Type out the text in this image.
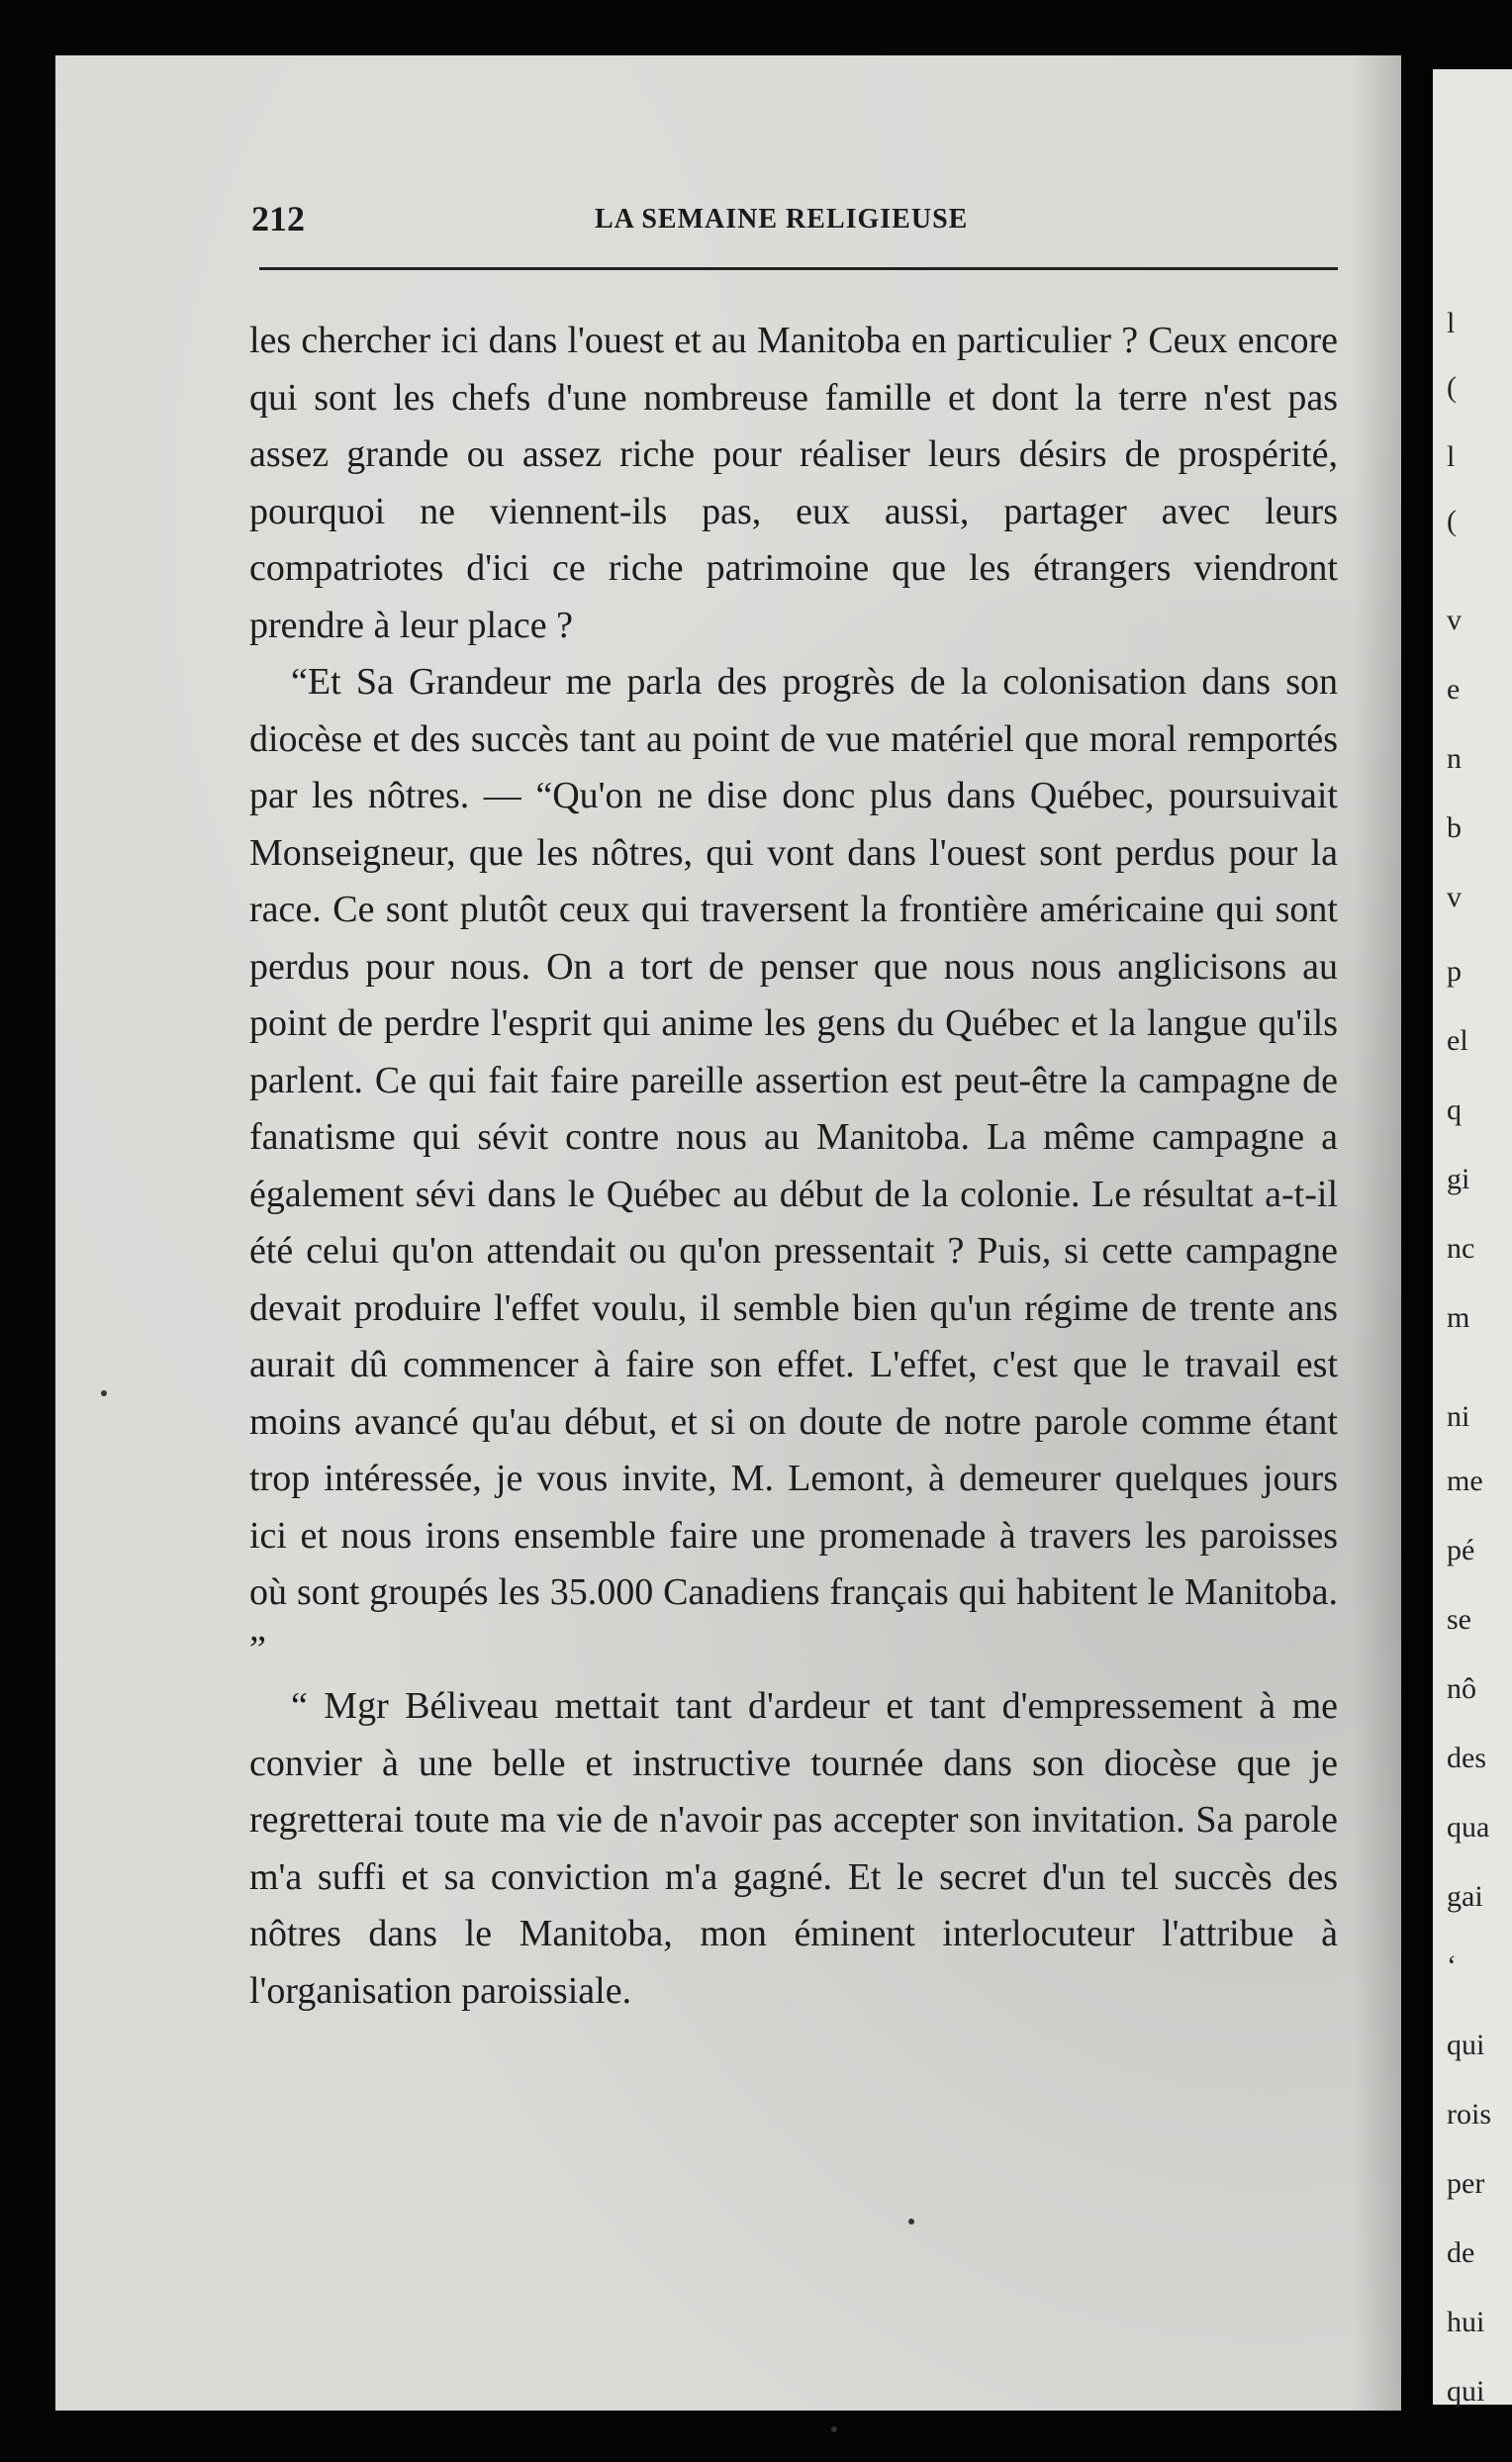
l
(
l
(
v
e
n
b
v
p
el
q
gi
nc
m
ni
me
pé
se
nô
des
qua
gai
‘
qui
rois
per
de
hui
qui
212	LA SEMAINE RELIGIEUSE

les chercher ici dans l'ouest et au Manitoba en particulier ? Ceux encore qui sont les chefs d'une nombreuse famille et dont la terre n'est pas assez grande ou assez riche pour réaliser leurs désirs de prospérité, pourquoi ne viennent-ils pas, eux aussi, partager avec leurs compatriotes d'ici ce riche patrimoine que les étrangers viendront prendre à leur place ?

“Et Sa Grandeur me parla des progrès de la colonisation dans son diocèse et des succès tant au point de vue matériel que moral remportés par les nôtres. — “Qu'on ne dise donc plus dans Québec, poursuivait Monseigneur, que les nôtres, qui vont dans l'ouest sont perdus pour la race. Ce sont plutôt ceux qui traversent la frontière américaine qui sont perdus pour nous. On a tort de penser que nous nous anglicisons au point de perdre l'esprit qui anime les gens du Québec et la langue qu'ils parlent. Ce qui fait faire pareille assertion est peut-être la campagne de fanatisme qui sévit contre nous au Manitoba. La même campagne a également sévi dans le Québec au début de la colonie. Le résultat a-t-il été celui qu'on attendait ou qu'on pressentait ? Puis, si cette campagne devait produire l'effet voulu, il semble bien qu'un régime de trente ans aurait dû commencer à faire son effet. L'effet, c'est que le travail est moins avancé qu'au début, et si on doute de notre parole comme étant trop intéressée, je vous invite, M. Lemont, à demeurer quelques jours ici et nous irons ensemble faire une promenade à travers les paroisses où sont groupés les 35.000 Canadiens français qui habitent le Manitoba. ”

“ Mgr Béliveau mettait tant d'ardeur et tant d'empressement à me convier à une belle et instructive tournée dans son diocèse que je regretterai toute ma vie de n'avoir pas accepter son invitation. Sa parole m'a suffi et sa conviction m'a gagné. Et le secret d'un tel succès des nôtres dans le Manitoba, mon éminent interlocuteur l'attribue à l'organisation paroissiale.
